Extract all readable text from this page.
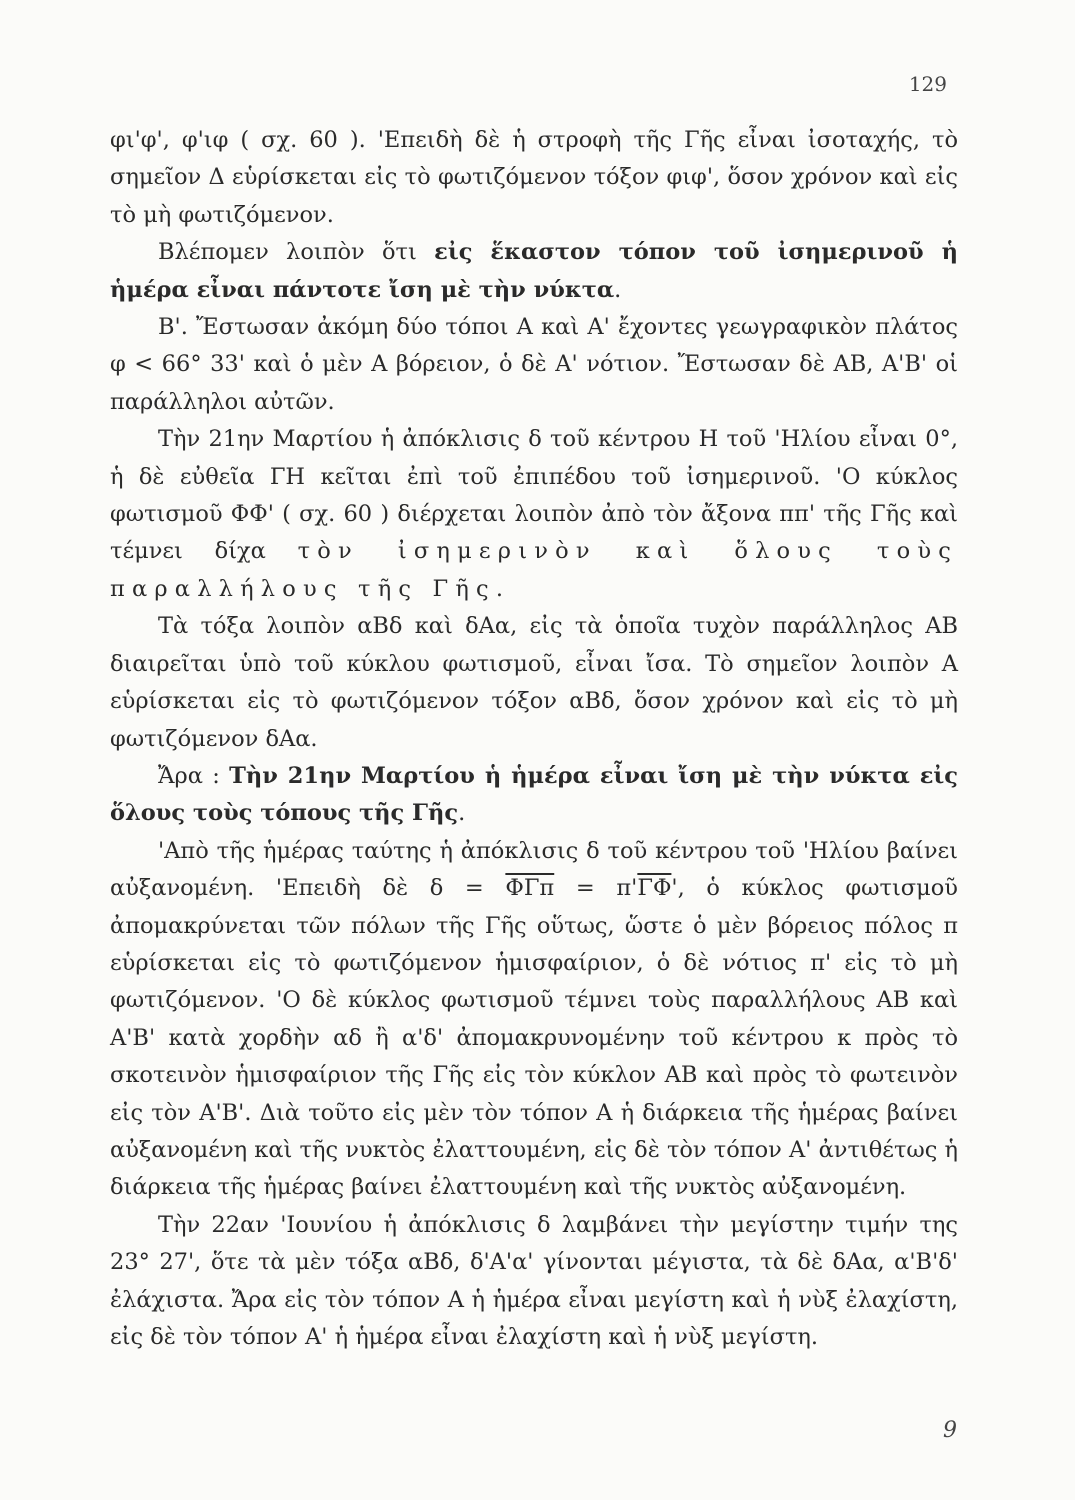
129

φι'φ', φ'ιφ ( σχ. 60 ). 'Επειδὴ δὲ ἡ στροφὴ τῆς Γῆς εἶναι ἰσοταχής, τὸ σημεῖον Δ εὑρίσκεται εἰς τὸ φωτιζόμενον τόξον φιφ', ὅσον χρόνον καὶ εἰς τὸ μὴ φωτιζόμενον.

Βλέπομεν λοιπὸν ὅτι εἰς ἕκαστον τόπον τοῦ ἰσημερινοῦ ἡ ἡμέρα εἶναι πάντοτε ἴση μὲ τὴν νύκτα.

Β'. Ἔστωσαν ἀκόμη δύο τόποι Α καὶ Α' ἔχοντες γεωγραφικὸν πλάτος φ < 66° 33' καὶ ὁ μὲν Α βόρειον, ὁ δὲ Α' νότιον. Ἔστωσαν δὲ ΑΒ, Α'Β' οἱ παράλληλοι αὐτῶν.

Τὴν 21ην Μαρτίου ἡ ἀπόκλισις δ τοῦ κέντρου Η τοῦ 'Ηλίου εἶναι 0°, ἡ δὲ εὐθεῖα ΓΗ κεῖται ἐπὶ τοῦ ἐπιπέδου τοῦ ἰσημερινοῦ. 'Ο κύκλος φωτισμοῦ ΦΦ' ( σχ. 60 ) διέρχεται λοιπὸν ἀπὸ τὸν ἄξονα ππ' τῆς Γῆς καὶ τέμνει δίχα τὸν ἰσημερινὸν καὶ ὅλους τοὺς παραλλήλους τῆς Γῆς.

Τὰ τόξα λοιπὸν αΒδ καὶ δΑα, εἰς τὰ ὁποῖα τυχὸν παράλληλος ΑΒ διαιρεῖται ὑπὸ τοῦ κύκλου φωτισμοῦ, εἶναι ἴσα. Τὸ σημεῖον λοιπὸν Α εὑρίσκεται εἰς τὸ φωτιζόμενον τόξον αΒδ, ὅσον χρόνον καὶ εἰς τὸ μὴ φωτιζόμενον δΑα.

Ἄρα : Τὴν 21ην Μαρτίου ἡ ἡμέρα εἶναι ἴση μὲ τὴν νύκτα εἰς ὅλους τοὺς τόπους τῆς Γῆς.

'Απὸ τῆς ἡμέρας ταύτης ἡ ἀπόκλισις δ τοῦ κέντρου τοῦ 'Ηλίου βαίνει αὐξανομένη. 'Επειδὴ δὲ $\delta = \overline{\Phi\Gamma\pi} = \pi'\overline{\Gamma\Phi}'$, ὁ κύκλος φωτισμοῦ ἀπομακρύνεται τῶν πόλων τῆς Γῆς οὕτως, ὥστε ὁ μὲν βόρειος πόλος π εὑρίσκεται εἰς τὸ φωτιζόμενον ἡμισφαίριον, ὁ δὲ νότιος π' εἰς τὸ μὴ φωτιζόμενον. 'Ο δὲ κύκλος φωτισμοῦ τέμνει τοὺς παραλλήλους ΑΒ καὶ Α'Β' κατὰ χορδὴν αδ ἢ α'δ' ἀπομακρυνομένην τοῦ κέντρου κ πρὸς τὸ σκοτεινὸν ἡμισφαίριον τῆς Γῆς εἰς τὸν κύκλον ΑΒ καὶ πρὸς τὸ φωτεινὸν εἰς τὸν Α'Β'. Διὰ τοῦτο εἰς μὲν τὸν τόπον Α ἡ διάρκεια τῆς ἡμέρας βαίνει αὐξανομένη καὶ τῆς νυκτὸς ἐλαττουμένη, εἰς δὲ τὸν τόπον Α' ἀντιθέτως ἡ διάρκεια τῆς ἡμέρας βαίνει ἐλαττουμένη καὶ τῆς νυκτὸς αὐξανομένη.

Τὴν 22αν 'Ιουνίου ἡ ἀπόκλισις δ λαμβάνει τὴν μεγίστην τιμήν της 23° 27', ὅτε τὰ μὲν τόξα αΒδ, δ'Α'α' γίνονται μέγιστα, τὰ δὲ δΑα, α'Β'δ' ἐλάχιστα. Ἄρα εἰς τὸν τόπον Α ἡ ἡμέρα εἶναι μεγίστη καὶ ἡ νὺξ ἐλαχίστη, εἰς δὲ τὸν τόπον Α' ἡ ἡμέρα εἶναι ἐλαχίστη καὶ ἡ νὺξ μεγίστη.

9
